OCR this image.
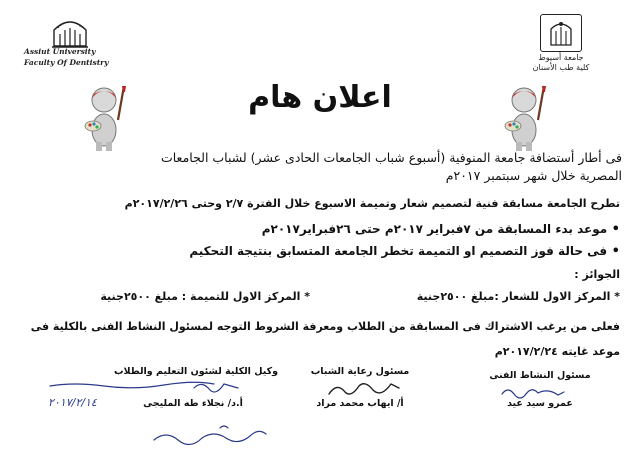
Assiut University
Faculty Of Dentistry
جامعة أسيوط
كلية طب الأسنان
اعلان هام
فى أطار أستضافة جامعة المنوفية (أسبوع شباب الجامعات الحادى عشر) لشباب الجامعات
المصرية خلال شهر سبتمبر ٢٠١٧م
تطرح الجامعة مسابقة فنية لتصميم شعار وتميمة الاسبوع خلال الفترة ٢/٧ وحتى ٢٠١٧/٢/٢٦م
• موعد بدء المسابقة من ٧فبراير ٢٠١٧م حتى ٢٦فبراير٢٠١٧م
• فى حالة فوز التصميم او التميمة تخطر الجامعة المتسابق بنتيجة التحكيم
الجوائز :
* المركز الاول للشعار :مبلغ ٢٥٠٠جنية
* المركز الاول للتميمة : مبلغ ٢٥٠٠جنية
فعلى من يرغب الاشتراك فى المسابقة من الطلاب ومعرفة الشروط التوجه لمسئول النشاط الفنى بالكلية فى
موعد غايته ٢٠١٧/٢/٢٤م
مسئول النشاط الفنى
عمرو سيد عيد
مسئول رعاية الشباب
أ/ ايهاب محمد مراد
وكيل الكلية لشئون التعليم والطلاب
أ.د/ نجلاء طه المليجى
٢٠١٧/٢/١٤
